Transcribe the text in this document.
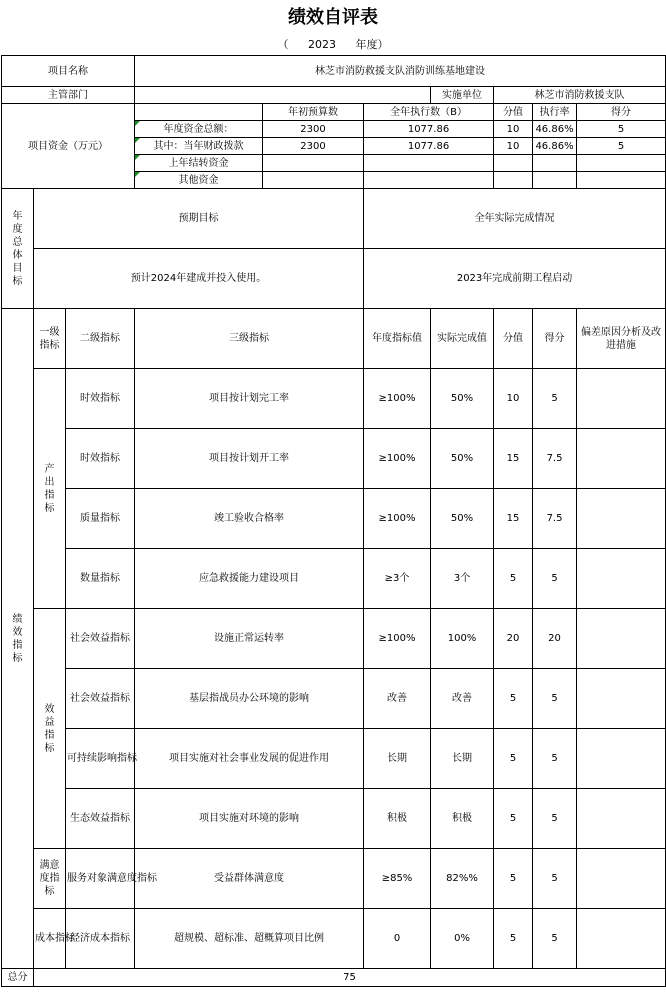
绩效自评表
（ 2023 年度）
项目名称			林芝市消防救援支队消防训练基地建设						
主管部门						实施单位	林芝市消防救援支队		
项目资金（万元）				年初预算数	全年执行数（B）		分值	执行率	得分
			年度资金总额：	2300	1077.86		10	46.86%	5
			其中：当年财政拨款	2300	1077.86		10	46.86%	5
			上年结转资金						
			其他资金						
年度总体目标	预期目标				全年实际完成情况				
	预计2024年建成并投入使用。				2023年完成前期工程启动				
绩效指标	一级指标	二级指标	三级指标		年度指标值	实际完成值	分值	得分	偏差原因分析及改进措施
	产出指标	时效指标	项目按计划完工率		≥100%	50%	10	5	
		时效指标	项目按计划开工率		≥100%	50%	15	7.5	
		质量指标	竣工验收合格率		≥100%	50%	15	7.5	
		数量指标	应急救援能力建设项目		≥3个	3个	5	5	
	效益指标	社会效益指标	设施正常运转率		≥100%	100%	20	20	
		社会效益指标	基层指战员办公环境的影响		改善	改善	5	5	
		可持续影响指标	项目实施对社会事业发展的促进作用		长期	长期	5	5	
		生态效益指标	项目实施对环境的影响		积极	积极	5	5	
	满意度指标	服务对象满意度指标	受益群体满意度		≥85%	82%%	5	5	
	成本指标	经济成本指标	超规模、超标准、超概算项目比例		0	0%	5	5	
总分	75								
